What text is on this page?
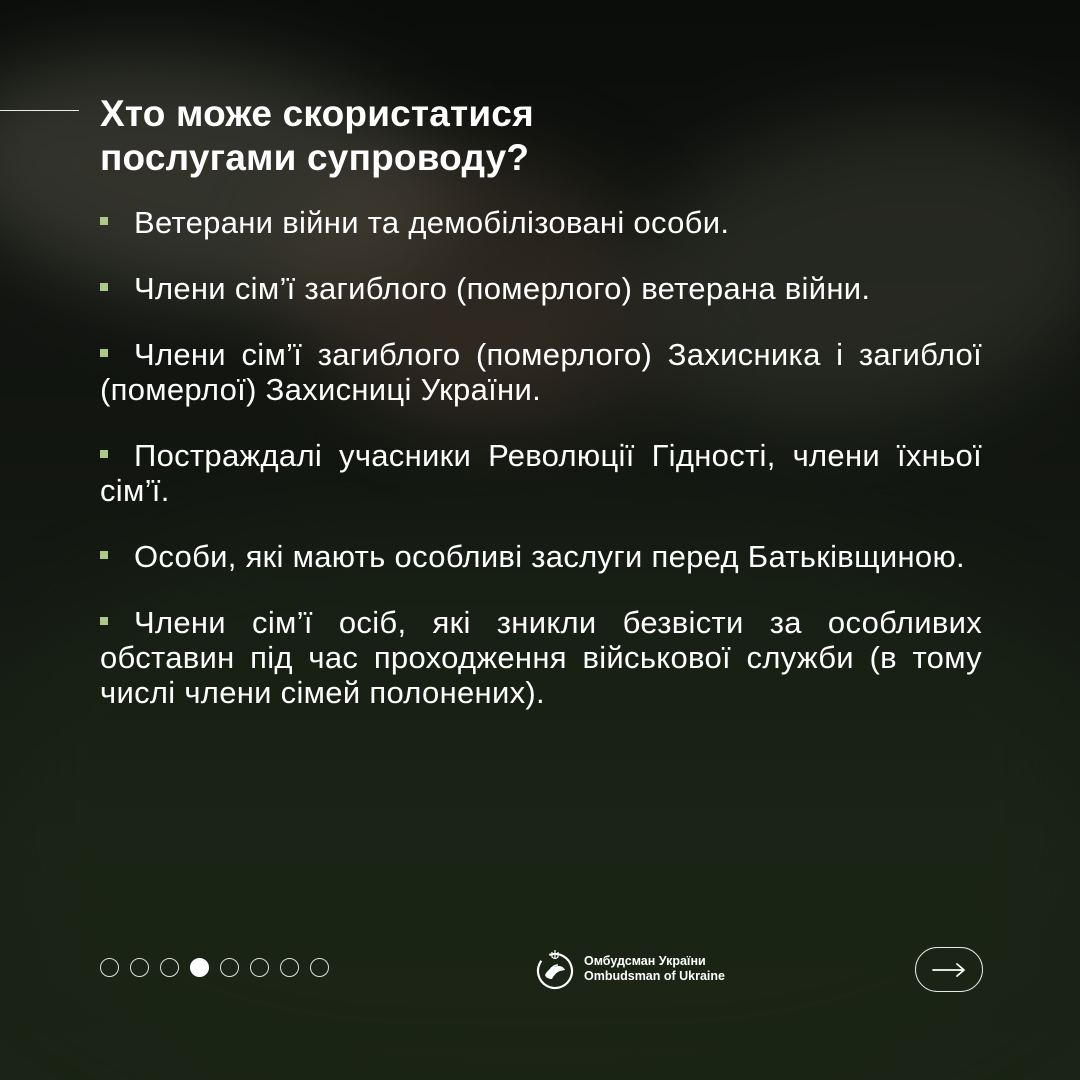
Хто може скористатися
послугами супроводу?
Ветерани війни та демобілізовані особи.
Члени сім’ї загиблого (померлого) ветерана війни.
Члени сім’ї загиблого (померлого) Захисника і загиблої (померлої) Захисниці України.
Постраждалі учасники Революції Гідності, члени їхньої сім’ї.
Особи, які мають особливі заслуги перед Батьківщиною.
Члени сім’ї осіб, які зникли безвісти за особливих обставин під час проходження військової служби (в тому числі члени сімей полонених).
Омбудсман України
Ombudsman of Ukraine
